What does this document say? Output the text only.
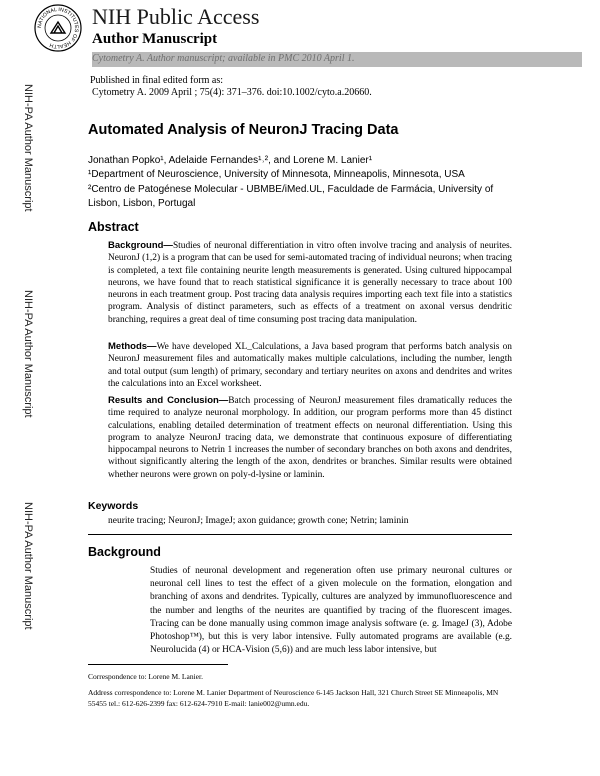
NATIONAL INSTITUTES OF HEALTH
NIH Public Access
Author Manuscript
Cytometry A. Author manuscript; available in PMC 2010 April 1.
Published in final edited form as:
Cytometry A. 2009 April ; 75(4): 371–376. doi:10.1002/cyto.a.20660.
NIH-PA Author Manuscript
NIH-PA Author Manuscript
NIH-PA Author Manuscript
Automated Analysis of NeuronJ Tracing Data
Jonathan Popko¹, Adelaide Fernandes¹˒², and Lorene M. Lanier¹
¹Department of Neuroscience, University of Minnesota, Minneapolis, Minnesota, USA
²Centro de Patogénese Molecular - UBMBE/iMed.UL, Faculdade de Farmácia, University of Lisbon, Lisbon, Portugal
Abstract
Background—Studies of neuronal differentiation in vitro often involve tracing and analysis of neurites. NeuronJ (1,2) is a program that can be used for semi-automated tracing of individual neurons; when tracing is completed, a text file containing neurite length measurements is generated. Using cultured hippocampal neurons, we have found that to reach statistical significance it is generally necessary to trace about 100 neurons in each treatment group. Post tracing data analysis requires importing each text file into a statistics program. Analysis of distinct parameters, such as effects of a treatment on axonal versus dendritic branching, requires a great deal of time consuming post tracing data manipulation.
Methods—We have developed XL_Calculations, a Java based program that performs batch analysis on NeuronJ measurement files and automatically makes multiple calculations, including the number, length and total output (sum length) of primary, secondary and tertiary neurites on axons and dendrites and writes the calculations into an Excel worksheet.
Results and Conclusion—Batch processing of NeuronJ measurement files dramatically reduces the time required to analyze neuronal morphology. In addition, our program performs more than 45 distinct calculations, enabling detailed determination of treatment effects on neuronal differentiation. Using this program to analyze NeuronJ tracing data, we demonstrate that continuous exposure of differentiating hippocampal neurons to Netrin 1 increases the number of secondary branches on both axons and dendrites, without significantly altering the length of the axon, dendrites or branches. Similar results were obtained whether neurons were grown on poly-d-lysine or laminin.
Keywords
neurite tracing; NeuronJ; ImageJ; axon guidance; growth cone; Netrin; laminin
Background
Studies of neuronal development and regeneration often use primary neuronal cultures or neuronal cell lines to test the effect of a given molecule on the formation, elongation and branching of axons and dendrites. Typically, cultures are analyzed by immunofluorescence and the number and lengths of the neurites are quantified by tracing of the fluorescent images. Tracing can be done manually using common image analysis software (e. g. ImageJ (3), Adobe Photoshop™), but this is very labor intensive. Fully automated programs are available (e.g. Neurolucida (4) or HCA-Vision (5,6)) and are much less labor intensive, but
Correspondence to: Lorene M. Lanier.
Address correspondence to: Lorene M. Lanier Department of Neuroscience 6-145 Jackson Hall, 321 Church Street SE Minneapolis, MN 55455 tel.: 612-626-2399 fax: 612-624-7910 E-mail: lanie002@umn.edu.
